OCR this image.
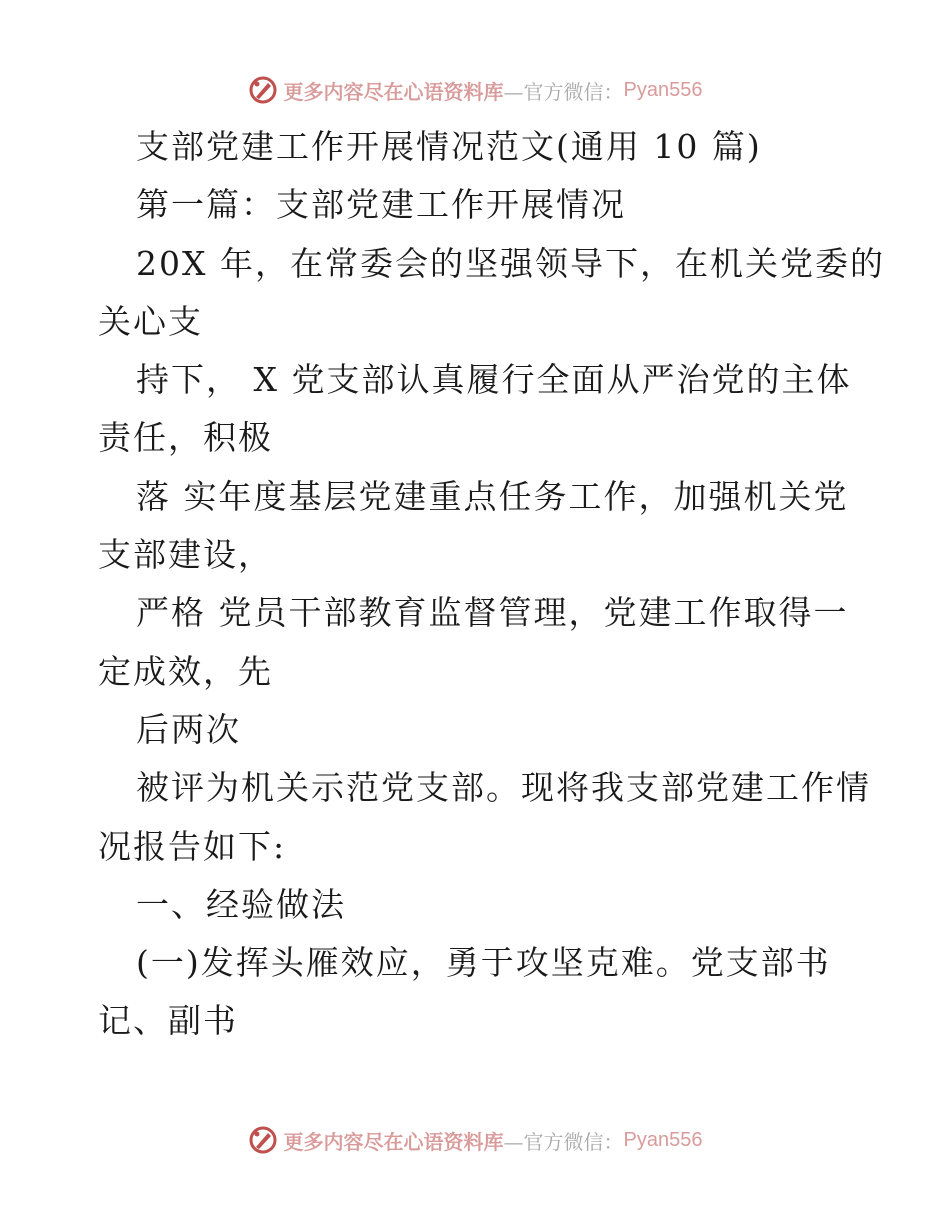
更多内容尽在心语资料库 —官方微信： Pyan556
支部党建工作开展情况范文(通用 10 篇)
第一篇：支部党建工作开展情况
20X 年，在常委会的坚强领导下，在机关党委的
关心支
持下， X 党支部认真履行全面从严治党的主体
责任，积极
落 实年度基层党建重点任务工作，加强机关党
支部建设，
严格 党员干部教育监督管理，党建工作取得一
定成效，先
后两次
被评为机关示范党支部。现将我支部党建工作情
况报告如下:
一、经验做法
(一)发挥头雁效应，勇于攻坚克难。党支部书
记、副书
更多内容尽在心语资料库 —官方微信： Pyan556
